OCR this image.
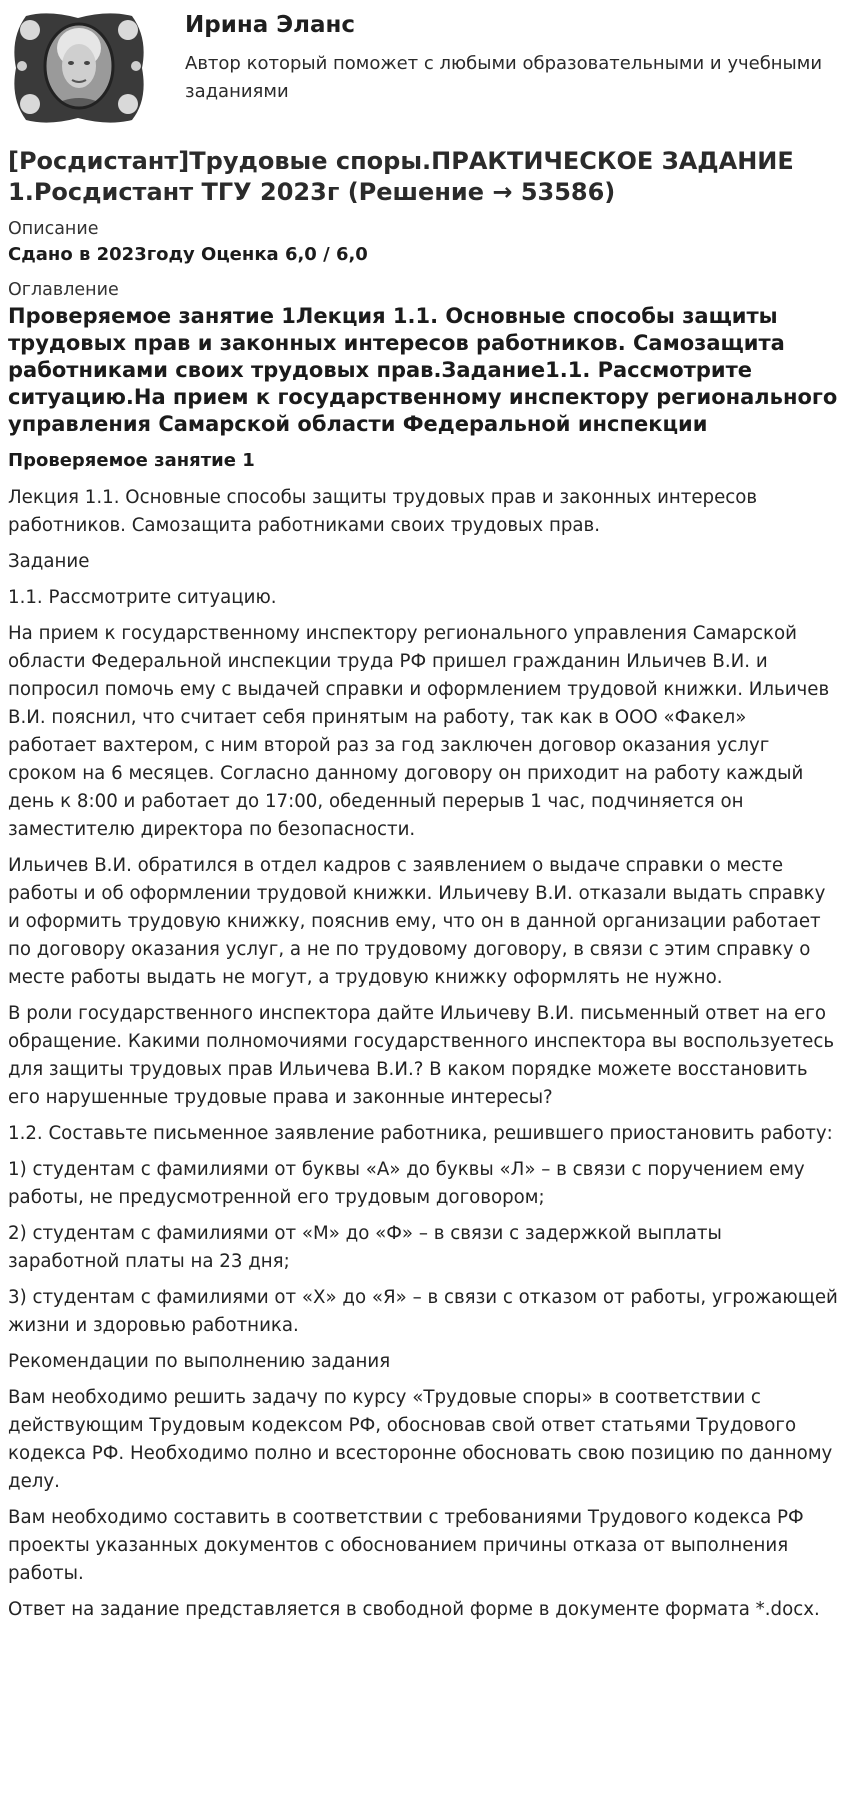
Ирина Эланс
Автор который поможет с любыми образовательными и учебными заданиями
[Росдистант]Трудовые споры.ПРАКТИЧЕСКОЕ ЗАДАНИЕ 1.Росдистант ТГУ 2023г (Решение → 53586)

Описание

Сдано в 2023году Оценка 6,0 / 6,0

Оглавление

Проверяемое занятие 1Лекция 1.1. Основные способы защиты трудовых прав и законных интересов работников. Самозащита работниками своих трудовых прав.Задание1.1. Рассмотрите ситуацию.На прием к государственному инспектору регионального управления Самарской области Федеральной инспекции

Проверяемое занятие 1

Лекция 1.1. Основные способы защиты трудовых прав и законных интересов работников. Самозащита работниками своих трудовых прав.

Задание

1.1. Рассмотрите ситуацию.

На прием к государственному инспектору регионального управления Самарской области Федеральной инспекции труда РФ пришел гражданин Ильичев В.И. и попросил помочь ему с выдачей справки и оформлением трудовой книжки. Ильичев В.И. пояснил, что считает себя принятым на работу, так как в ООО «Факел» работает вахтером, с ним второй раз за год заключен договор оказания услуг сроком на 6 месяцев. Согласно данному договору он приходит на работу каждый день к 8:00 и работает до 17:00, обеденный перерыв 1 час, подчиняется он заместителю директора по безопасности.

Ильичев В.И. обратился в отдел кадров с заявлением о выдаче справки о месте работы и об оформлении трудовой книжки. Ильичеву В.И. отказали выдать справку и оформить трудовую книжку, пояснив ему, что он в данной организации работает по договору оказания услуг, а не по трудовому договору, в связи с этим справку о месте работы выдать не могут, а трудовую книжку оформлять не нужно.

В роли государственного инспектора дайте Ильичеву В.И. письменный ответ на его обращение. Какими полномочиями государственного инспектора вы воспользуетесь для защиты трудовых прав Ильичева В.И.? В каком порядке можете восстановить его нарушенные трудовые права и законные интересы?

1.2. Составьте письменное заявление работника, решившего приостановить работу:

1) студентам с фамилиями от буквы «А» до буквы «Л» – в связи с поручением ему работы, не предусмотренной его трудовым договором;

2) студентам с фамилиями от «М» до «Ф» – в связи с задержкой выплаты заработной платы на 23 дня;

3) студентам с фамилиями от «Х» до «Я» – в связи с отказом от работы, угрожающей жизни и здоровью работника.

Рекомендации по выполнению задания

Вам необходимо решить задачу по курсу «Трудовые споры» в соответствии с действующим Трудовым кодексом РФ, обосновав свой ответ статьями Трудового кодекса РФ. Необходимо полно и всесторонне обосновать свою позицию по данному делу.

Вам необходимо составить в соответствии с требованиями Трудового кодекса РФ проекты указанных документов с обоснованием причины отказа от выполнения работы.

Ответ на задание представляется в свободной форме в документе формата *.docx.
